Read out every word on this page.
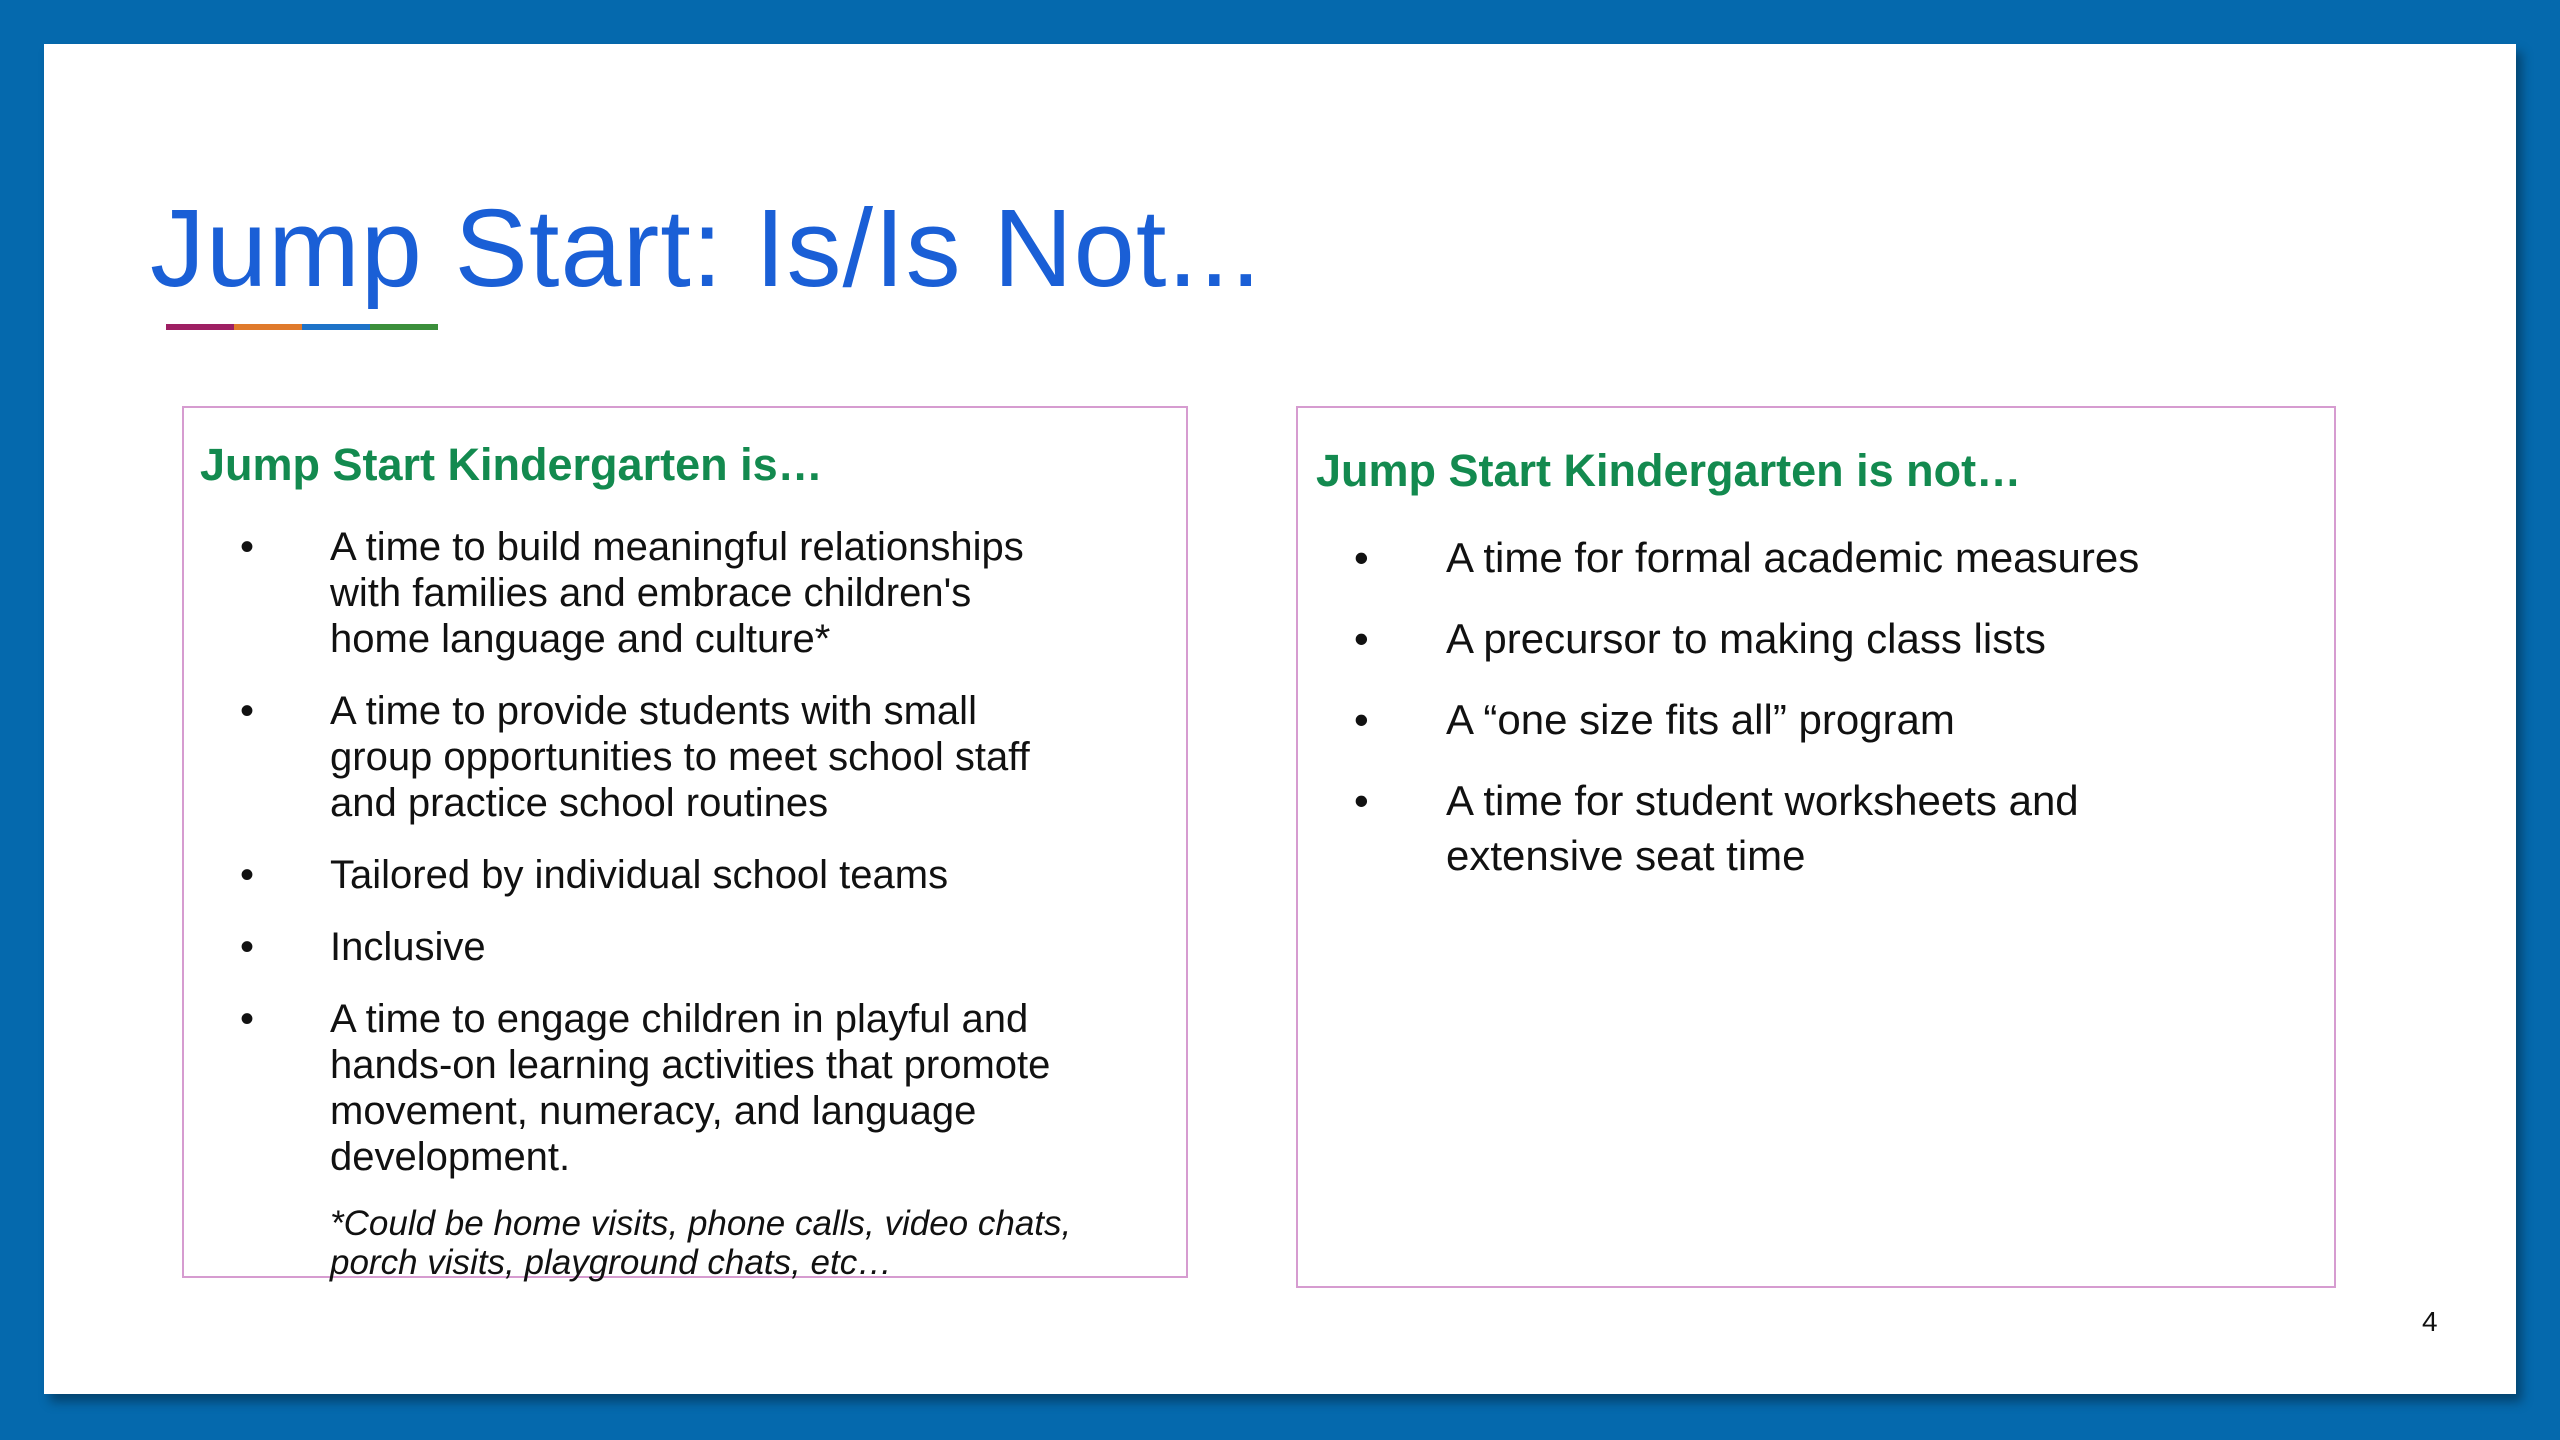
Jump Start: Is/Is Not...
Jump Start Kindergarten is…
• A time to build meaningful relationships
with families and embrace children's
home language and culture*
• A time to provide students with small
group opportunities to meet school staff
and practice school routines
• Tailored by individual school teams
• Inclusive
• A time to engage children in playful and
hands-on learning activities that promote
movement, numeracy, and language
development.
*Could be home visits, phone calls, video chats,
porch visits, playground chats, etc…
Jump Start Kindergarten is not…
• A time for formal academic measures
• A precursor to making class lists
• A “one size fits all” program
• A time for student worksheets and
extensive seat time
4
